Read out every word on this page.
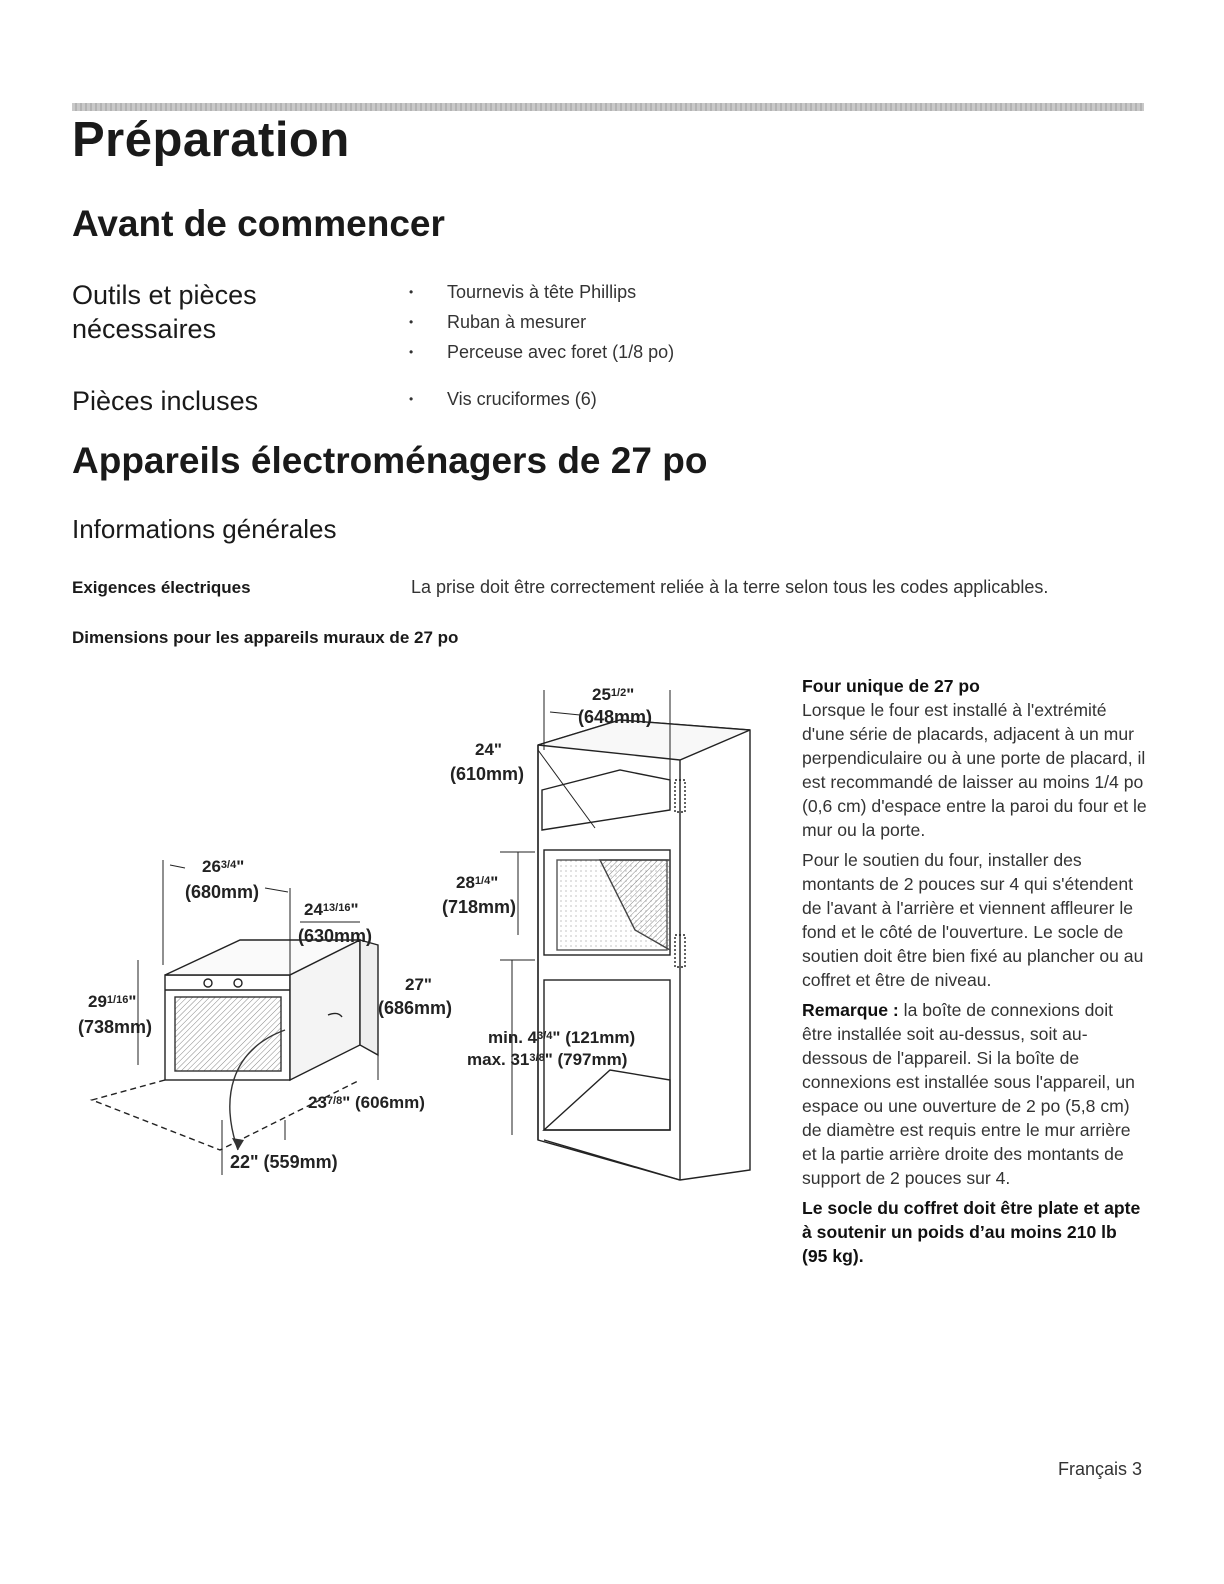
Préparation
Avant de commencer
Outils et pièces
nécessaires
• Tournevis à tête Phillips
• Ruban à mesurer
• Perceuse avec foret (1/8 po)
Pièces incluses
•	Vis cruciformes (6)
Appareils électroménagers de 27 po
Informations générales
Exigences électriques	La prise doit être correctement reliée à la terre selon tous les codes applicables.
Dimensions pour les appareils muraux de 27 po
$26^{3/4}$"
(680mm)
$24^{13/16}$"
(630mm)
$29^{1/16}$"
(738mm)
27"
(686mm)
$23^{7/8}$" (606mm)
22" (559mm)
$25^{1/2}$"
(648mm)
24"
(610mm)
$28^{1/4}$"
(718mm)
min. $4^{3/4}$" (121mm)
max. $31^{3/8}$" (797mm)

Four unique de 27 po

Lorsque le four est installé à l'extrémité d'une série de placards, adjacent à un mur perpendiculaire ou à une porte de placard, il est recommandé de laisser au moins 1/4 po (0,6 cm) d'espace entre la paroi du four et le mur ou la porte.

Pour le soutien du four, installer des montants de 2 pouces sur 4 qui s'étendent de l'avant à l'arrière et viennent affleurer le fond et le côté de l'ouverture. Le socle de soutien doit être bien fixé au plancher ou au coffret et être de niveau.

Remarque : la boîte de connexions doit être installée soit au-dessus, soit au-dessous de l'appareil. Si la boîte de connexions est installée sous l'appareil, un espace ou une ouverture de 2 po (5,8 cm) de diamètre est requis entre le mur arrière et la partie arrière droite des montants de support de 2 pouces sur 4.

Le socle du coffret doit être plate et apte à soutenir un poids d’au moins 210 lb (95 kg).

Français 3
